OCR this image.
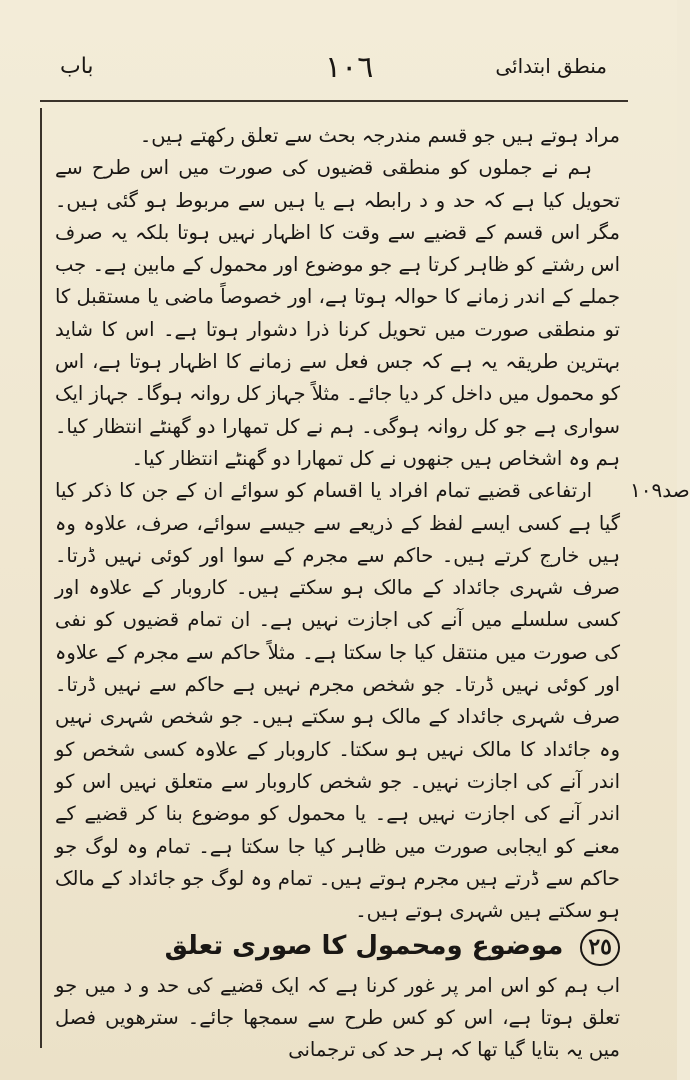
باب	١٠٦	منطق ابتدائی
صد١٠٩

مراد ہوتے ہیں جو قسم مندرجہ بحث سے تعلق رکھتے ہیں۔

ہم نے جملوں کو منطقی قضیوں کی صورت میں اس طرح سے تحویل کیا ہے کہ حد و د رابطہ ہے یا ہیں سے مربوط ہو گئی ہیں۔ مگر اس قسم کے قضیے سے وقت کا اظہار نہیں ہوتا بلکہ یہ صرف اس رشتے کو ظاہر کرتا ہے جو موضوع اور محمول کے مابین ہے۔ جب جملے کے اندر زمانے کا حوالہ ہوتا ہے، اور خصوصاً ماضی یا مستقبل کا تو منطقی صورت میں تحویل کرنا ذرا دشوار ہوتا ہے۔ اس کا شاید بہترین طریقہ یہ ہے کہ جس فعل سے زمانے کا اظہار ہوتا ہے، اس کو محمول میں داخل کر دیا جائے۔ مثلاً جہاز کل روانہ ہوگا۔ جہاز ایک سواری ہے جو کل روانہ ہوگی۔ ہم نے کل تمھارا دو گھنٹے انتظار کیا۔ ہم وہ اشخاص ہیں جنھوں نے کل تمھارا دو گھنٹے انتظار کیا۔

ارتفاعی قضیے تمام افراد یا اقسام کو سوائے ان کے جن کا ذکر کیا گیا ہے کسی ایسے لفظ کے ذریعے سے جیسے سوائے، صرف، علاوہ وہ ہیں خارج کرتے ہیں۔ حاکم سے مجرم کے سوا اور کوئی نہیں ڈرتا۔ صرف شہری جائداد کے مالک ہو سکتے ہیں۔ کاروبار کے علاوہ اور کسی سلسلے میں آنے کی اجازت نہیں ہے۔ ان تمام قضیوں کو نفی کی صورت میں منتقل کیا جا سکتا ہے۔ مثلاً حاکم سے مجرم کے علاوہ اور کوئی نہیں ڈرتا۔ جو شخص مجرم نہیں ہے حاکم سے نہیں ڈرتا۔ صرف شہری جائداد کے مالک ہو سکتے ہیں۔ جو شخص شہری نہیں وہ جائداد کا مالک نہیں ہو سکتا۔ کاروبار کے علاوہ کسی شخص کو اندر آنے کی اجازت نہیں۔ جو شخص کاروبار سے متعلق نہیں اس کو اندر آنے کی اجازت نہیں ہے۔ یا محمول کو موضوع بنا کر قضیے کے معنے کو ایجابی صورت میں ظاہر کیا جا سکتا ہے۔ تمام وہ لوگ جو حاکم سے ڈرتے ہیں مجرم ہوتے ہیں۔ تمام وہ لوگ جو جائداد کے مالک ہو سکتے ہیں شہری ہوتے ہیں۔

٢٥ موضوع ومحمول کا صوری تعلق

اب ہم کو اس امر پر غور کرنا ہے کہ ایک قضیے کی حد و د میں جو تعلق ہوتا ہے، اس کو کس طرح سے سمجھا جائے۔ سترھویں فصل میں یہ بتایا گیا تھا کہ ہر حد کی ترجمانی
